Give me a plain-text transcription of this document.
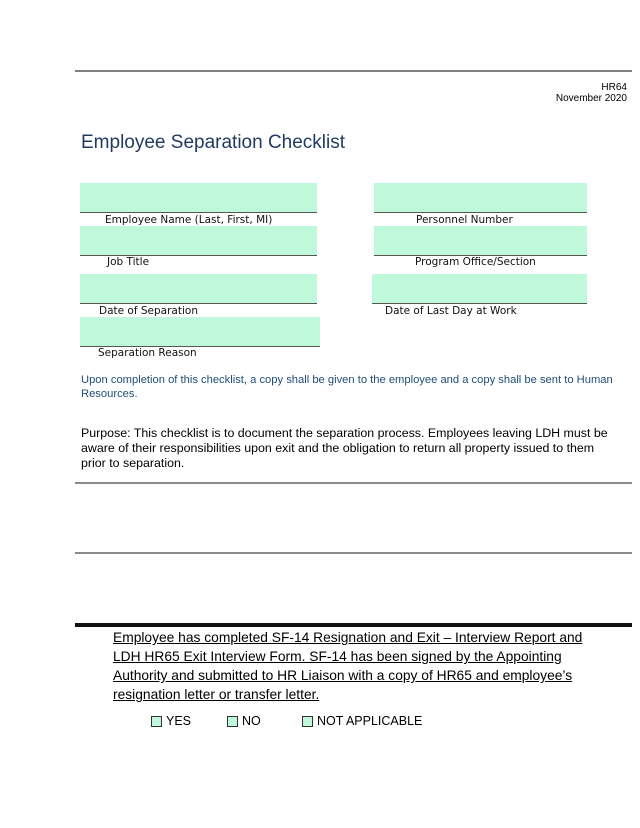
HR64
November 2020
Employee Separation Checklist
Employee Name (Last, First, MI)	Personnel Number
Job Title	Program Office/Section
Date of Separation	Date of Last Day at Work
Separation Reason
Upon completion of this checklist, a copy shall be given to the employee and a copy shall be sent to Human Resources.
Purpose: This checklist is to document the separation process. Employees leaving LDH must be aware of their responsibilities upon exit and the obligation to return all property issued to them prior to separation.
Employee has completed SF-14 Resignation and Exit – Interview Report and LDH HR65 Exit Interview Form. SF-14 has been signed by the Appointing Authority and submitted to HR Liaison with a copy of HR65 and employee’s resignation letter or transfer letter.
YES	NO	NOT APPLICABLE
